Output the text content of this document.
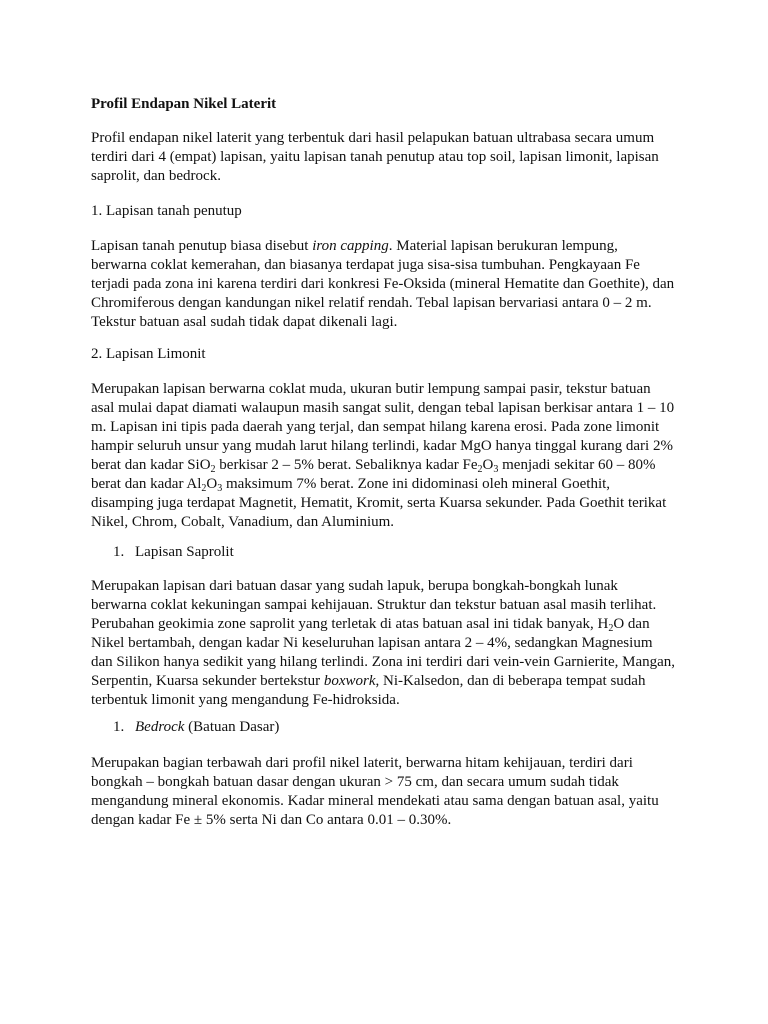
Profil Endapan Nikel Laterit

Profil endapan nikel laterit yang terbentuk dari hasil pelapukan batuan ultrabasa secara umum
terdiri dari 4 (empat) lapisan, yaitu lapisan tanah penutup atau top soil, lapisan limonit, lapisan
saprolit, dan bedrock.

1. Lapisan tanah penutup

Lapisan tanah penutup biasa disebut iron capping. Material lapisan berukuran lempung,
berwarna coklat kemerahan, dan biasanya terdapat juga sisa-sisa tumbuhan. Pengkayaan Fe
terjadi pada zona ini karena terdiri dari konkresi Fe-Oksida (mineral Hematite dan Goethite), dan
Chromiferous dengan kandungan nikel relatif rendah. Tebal lapisan bervariasi antara 0 – 2 m.
Tekstur batuan asal sudah tidak dapat dikenali lagi.

2. Lapisan Limonit

Merupakan lapisan berwarna coklat muda, ukuran butir lempung sampai pasir, tekstur batuan
asal mulai dapat diamati walaupun masih sangat sulit, dengan tebal lapisan berkisar antara 1 – 10
m. Lapisan ini tipis pada daerah yang terjal, dan sempat hilang karena erosi. Pada zone limonit
hampir seluruh unsur yang mudah larut hilang terlindi, kadar MgO hanya tinggal kurang dari 2%
berat dan kadar SiO$_2$ berkisar 2 – 5% berat. Sebaliknya kadar $Fe_2O_3$ menjadi sekitar 60 – 80%
berat dan kadar $Al_2O_3$ maksimum 7% berat. Zone ini didominasi oleh mineral Goethit,
disamping juga terdapat Magnetit, Hematit, Kromit, serta Kuarsa sekunder. Pada Goethit terikat
Nikel, Chrom, Cobalt, Vanadium, dan Aluminium.

1. Lapisan Saprolit

Merupakan lapisan dari batuan dasar yang sudah lapuk, berupa bongkah-bongkah lunak
berwarna coklat kekuningan sampai kehijauan. Struktur dan tekstur batuan asal masih terlihat.
Perubahan geokimia zone saprolit yang terletak di atas batuan asal ini tidak banyak, $H_2O$ dan
Nikel bertambah, dengan kadar Ni keseluruhan lapisan antara 2 – 4%, sedangkan Magnesium
dan Silikon hanya sedikit yang hilang terlindi. Zona ini terdiri dari vein-vein Garnierite, Mangan,
Serpentin, Kuarsa sekunder bertekstur boxwork, Ni-Kalsedon, dan di beberapa tempat sudah
terbentuk limonit yang mengandung Fe-hidroksida.

1. Bedrock (Batuan Dasar)

Merupakan bagian terbawah dari profil nikel laterit, berwarna hitam kehijauan, terdiri dari
bongkah – bongkah batuan dasar dengan ukuran > 75 cm, dan secara umum sudah tidak
mengandung mineral ekonomis. Kadar mineral mendekati atau sama dengan batuan asal, yaitu
dengan kadar Fe ± 5% serta Ni dan Co antara 0.01 – 0.30%.
